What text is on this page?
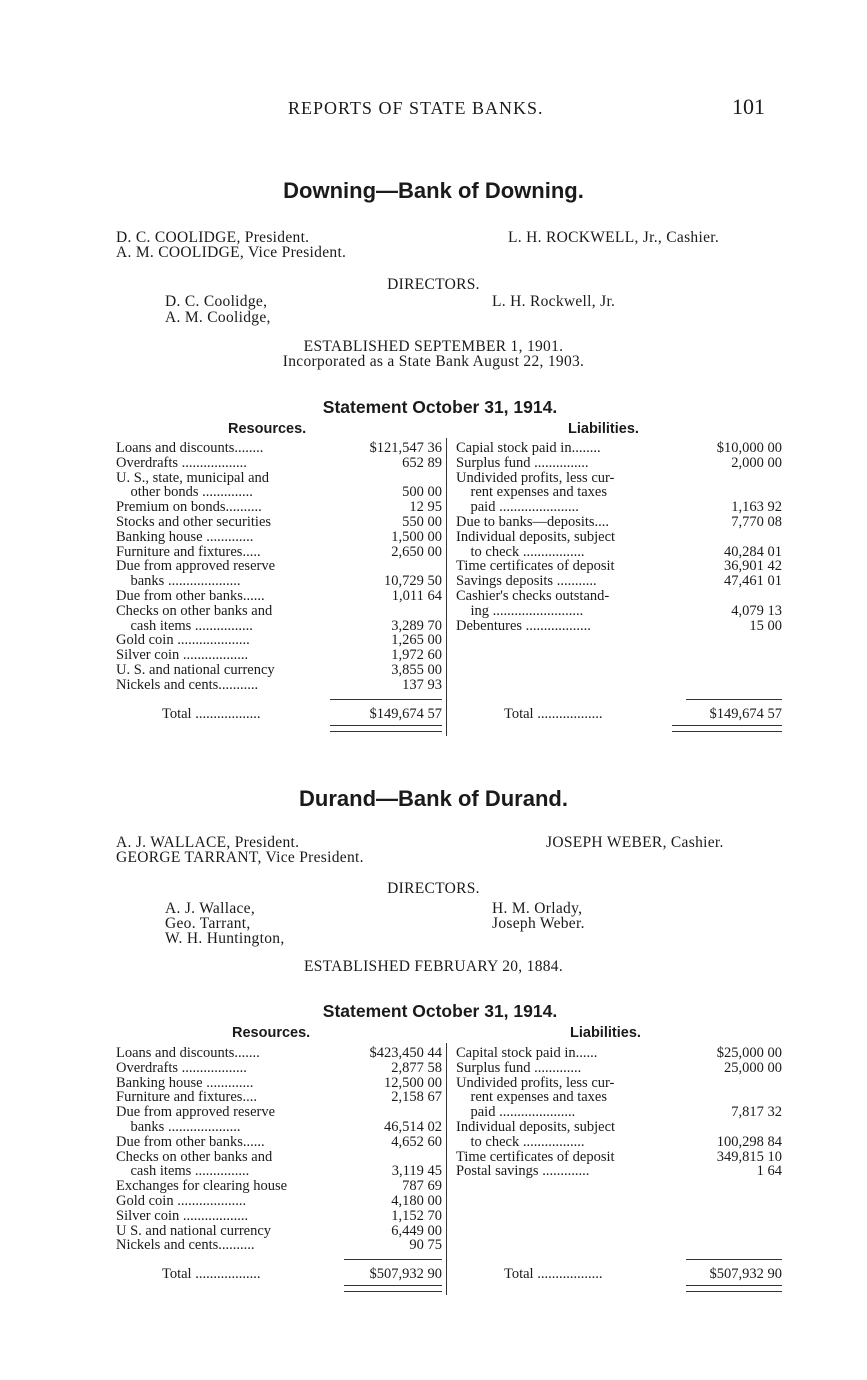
REPORTS OF STATE BANKS.	101
Downing—Bank of Downing.
D. C. COOLIDGE, President.
A. M. COOLIDGE, Vice President.
L. H. ROCKWELL, Jr., Cashier.
DIRECTORS.
D. C. Coolidge,
A. M. Coolidge,
L. H. Rockwell, Jr.
ESTABLISHED SEPTEMBER 1, 1901.
Incorporated as a State Bank August 22, 1903.
Statement October 31, 1914.
Resources.	Liabilities.
Loans and discounts........	$121,547 36
Overdrafts ..................	652 89
U. S., state, municipal and
 other bonds ..............	500 00
Premium on bonds..........	12 95
Stocks and other securities	550 00
Banking house .............	1,500 00
Furniture and fixtures.....	2,650 00
Due from approved reserve
 banks ....................	10,729 50
Due from other banks......	1,011 64
Checks on other banks and
 cash items ................	3,289 70
Gold coin ....................	1,265 00
Silver coin ..................	1,972 60
U. S. and national currency	3,855 00
Nickels and cents...........	137 93
Capial stock paid in........	$10,000 00
Surplus fund ...............	2,000 00
Undivided profits, less cur-
 rent expenses and taxes
 paid ......................	1,163 92
Due to banks—deposits....	7,770 08
Individual deposits, subject
 to check .................	40,284 01
Time certificates of deposit	36,901 42
Savings deposits ...........	47,461 01
Cashier's checks outstand-
 ing .........................	4,079 13
Debentures ..................	15 00
Total ..................	$149,674 57	Total ..................	$149,674 57
Durand—Bank of Durand.
A. J. WALLACE, President.
GEORGE TARRANT, Vice President.
JOSEPH WEBER, Cashier.
DIRECTORS.
A. J. Wallace,
Geo. Tarrant,
W. H. Huntington,
H. M. Orlady,
Joseph Weber.
ESTABLISHED FEBRUARY 20, 1884.
Statement October 31, 1914.
Resources.	Liabilities.
Loans and discounts.......	$423,450 44
Overdrafts ..................	2,877 58
Banking house .............	12,500 00
Furniture and fixtures....	2,158 67
Due from approved reserve
 banks ....................	46,514 02
Due from other banks......	4,652 60
Checks on other banks and
 cash items ...............	3,119 45
Exchanges for clearing house	787 69
Gold coin ...................	4,180 00
Silver coin ..................	1,152 70
U S. and national currency	6,449 00
Nickels and cents..........	90 75
Capital stock paid in......	$25,000 00
Surplus fund .............	25,000 00
Undivided profits, less cur-
 rent expenses and taxes
 paid .....................	7,817 32
Individual deposits, subject
 to check .................	100,298 84
Time certificates of deposit	349,815 10
Postal savings .............	1 64
Total ..................	$507,932 90	Total ..................	$507,932 90
